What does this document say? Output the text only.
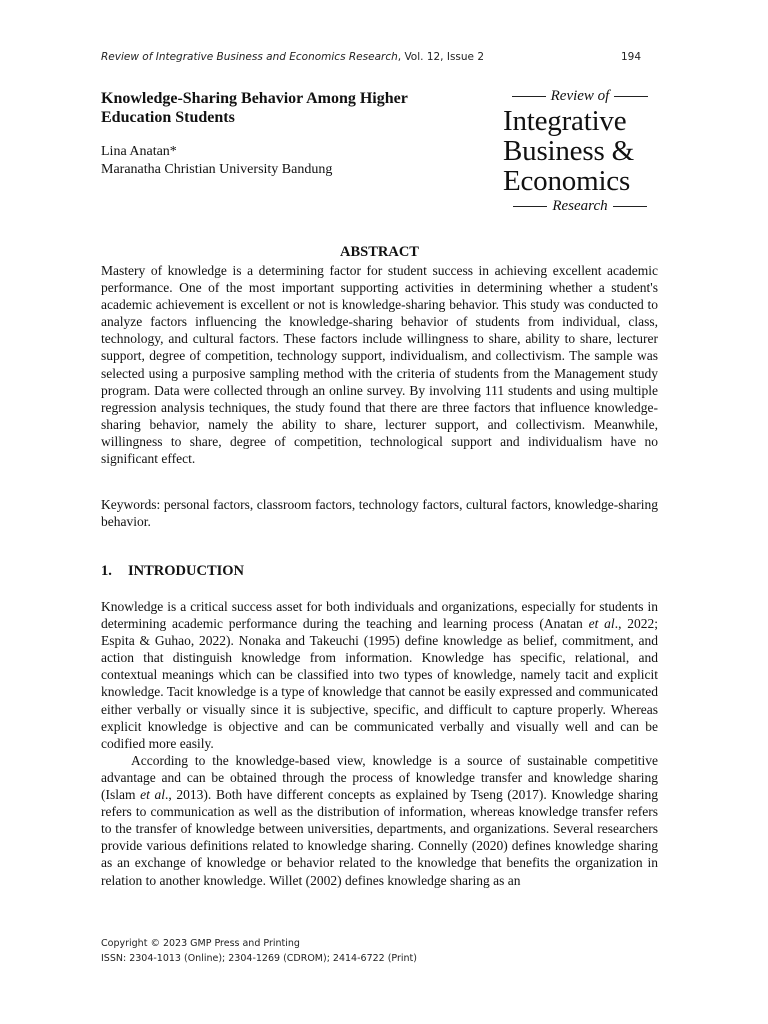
Review of Integrative Business and Economics Research, Vol. 12, Issue 2	194
Knowledge-Sharing Behavior Among Higher Education Students
Lina Anatan*
Maranatha Christian University Bandung
Review of
Integrative
Business &
Economics
Research
ABSTRACT

Mastery of knowledge is a determining factor for student success in achieving excellent academic performance. One of the most important supporting activities in determining whether a student's academic achievement is excellent or not is knowledge-sharing behavior. This study was conducted to analyze factors influencing the knowledge-sharing behavior of students from individual, class, technology, and cultural factors. These factors include willingness to share, ability to share, lecturer support, degree of competition, technology support, individualism, and collectivism. The sample was selected using a purposive sampling method with the criteria of students from the Management study program. Data were collected through an online survey. By involving 111 students and using multiple regression analysis techniques, the study found that there are three factors that influence knowledge-sharing behavior, namely the ability to share, lecturer support, and collectivism. Meanwhile, willingness to share, degree of competition, technological support and individualism have no significant effect.

Keywords: personal factors, classroom factors, technology factors, cultural factors, knowledge-sharing behavior.

1. INTRODUCTION

Knowledge is a critical success asset for both individuals and organizations, especially for students in determining academic performance during the teaching and learning process (Anatan et al., 2022; Espita & Guhao, 2022). Nonaka and Takeuchi (1995) define knowledge as belief, commitment, and action that distinguish knowledge from information. Knowledge has specific, relational, and contextual meanings which can be classified into two types of knowledge, namely tacit and explicit knowledge. Tacit knowledge is a type of knowledge that cannot be easily expressed and communicated either verbally or visually since it is subjective, specific, and difficult to capture properly. Whereas explicit knowledge is objective and can be communicated verbally and visually well and can be codified more easily.

According to the knowledge-based view, knowledge is a source of sustainable competitive advantage and can be obtained through the process of knowledge transfer and knowledge sharing (Islam et al., 2013). Both have different concepts as explained by Tseng (2017). Knowledge sharing refers to communication as well as the distribution of information, whereas knowledge transfer refers to the transfer of knowledge between universities, departments, and organizations. Several researchers provide various definitions related to knowledge sharing. Connelly (2020) defines knowledge sharing as an exchange of knowledge or behavior related to the knowledge that benefits the organization in relation to another knowledge. Willet (2002) defines knowledge sharing as an

Copyright © 2023 GMP Press and Printing
ISSN: 2304-1013 (Online); 2304-1269 (CDROM); 2414-6722 (Print)
